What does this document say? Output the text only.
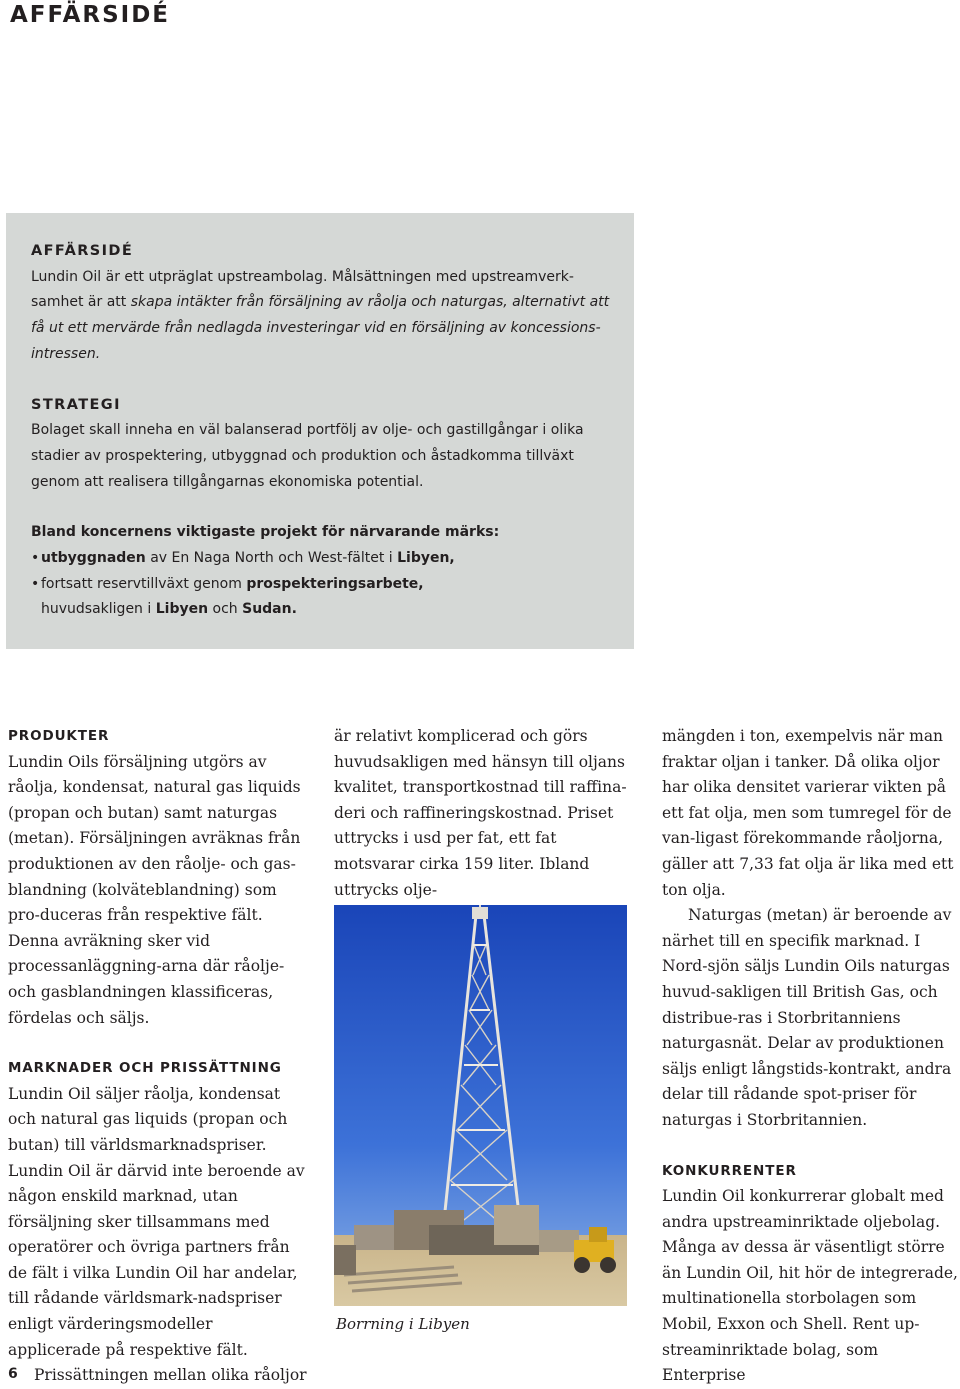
AFFÄRSIDÉ
AFFÄRSIDÉ

Lundin Oil är ett utpräglat upstreambolag. Målsättningen med upstreamverk-samhet är att skapa intäkter från försäljning av råolja och naturgas, alternativt att få ut ett mervärde från nedlagda investeringar vid en försäljning av koncessions-intressen.

STRATEGI

Bolaget skall inneha en väl balanserad portfölj av olje- och gastillgångar i olika stadier av prospektering, utbyggnad och produktion och åstadkomma tillväxt genom att realisera tillgångarnas ekonomiska potential.

Bland koncernens viktigaste projekt för närvarande märks:
• utbyggnaden av En Naga North och West-fältet i Libyen,
• fortsatt reservtillväxt genom prospekteringsarbete,
huvudsakligen i Libyen och Sudan.
PRODUKTER

Lundin Oils försäljning utgörs av råolja, kondensat, natural gas liquids (propan och butan) samt naturgas (metan). Försäljningen avräknas från produktionen av den råolje- och gas-blandning (kolväteblandning) som pro-duceras från respektive fält. Denna avräkning sker vid processanläggning-arna där råolje- och gasblandningen klassificeras, fördelas och säljs.

MARKNADER OCH PRISSÄTTNING

Lundin Oil säljer råolja, kondensat och natural gas liquids (propan och butan) till världsmarknadspriser. Lundin Oil är därvid inte beroende av någon enskild marknad, utan försäljning sker tillsammans med operatörer och övriga partners från de fält i vilka Lundin Oil har andelar, till rådande världsmark-nadspriser enligt värderingsmodeller applicerade på respektive fält.

Prissättningen mellan olika råoljor

är relativt komplicerad och görs huvudsakligen med hänsyn till oljans kvalitet, transportkostnad till raffina-deri och raffineringskostnad. Priset uttrycks i usd per fat, ett fat motsvarar cirka 159 liter. Ibland uttrycks olje-

Borrning i Libyen

mängden i ton, exempelvis när man fraktar oljan i tanker. Då olika oljor har olika densitet varierar vikten på ett fat olja, men som tumregel för de van-ligast förekommande råoljorna, gäller att 7,33 fat olja är lika med ett ton olja.

Naturgas (metan) är beroende av närhet till en specifik marknad. I Nord-sjön säljs Lundin Oils naturgas huvud-sakligen till British Gas, och distribue-ras i Storbritanniens naturgasnät. Delar av produktionen säljs enligt långstids-kontrakt, andra delar till rådande spot-priser för naturgas i Storbritannien.

KONKURRENTER

Lundin Oil konkurrerar globalt med andra upstreaminriktade oljebolag. Många av dessa är väsentligt större än Lundin Oil, hit hör de integrerade, multinationella storbolagen som Mobil, Exxon och Shell. Rent up-streaminriktade bolag, som Enterprise

6
